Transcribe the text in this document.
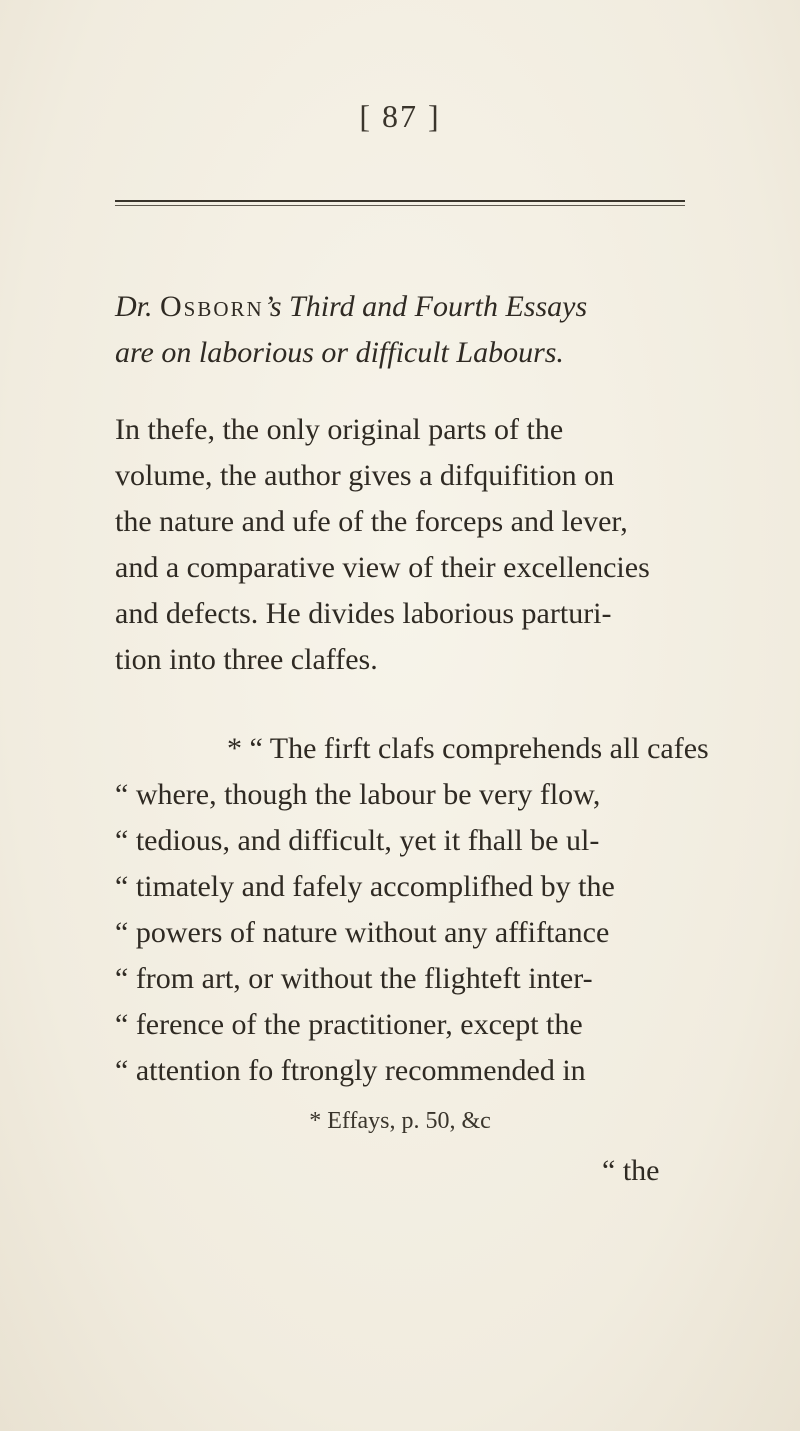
[ 87 ]
Dr. Osborn’s Third and Fourth Essays
are on laborious or difficult Labours.
In thefe, the only original parts of the
volume, the author gives a difquifition on
the nature and ufe of the forceps and lever,
and a comparative view of their excellencies
and defects. He divides laborious parturi-
tion into three claffes.
* “ The firft clafs comprehends all cafes
“ where, though the labour be very flow,
“ tedious, and difficult, yet it fhall be ul-
“ timately and fafely accomplifhed by the
“ powers of nature without any affiftance
“ from art, or without the flighteft inter-
“ ference of the practitioner, except the
“ attention fo ftrongly recommended in
* Effays, p. 50, &c
“ the
